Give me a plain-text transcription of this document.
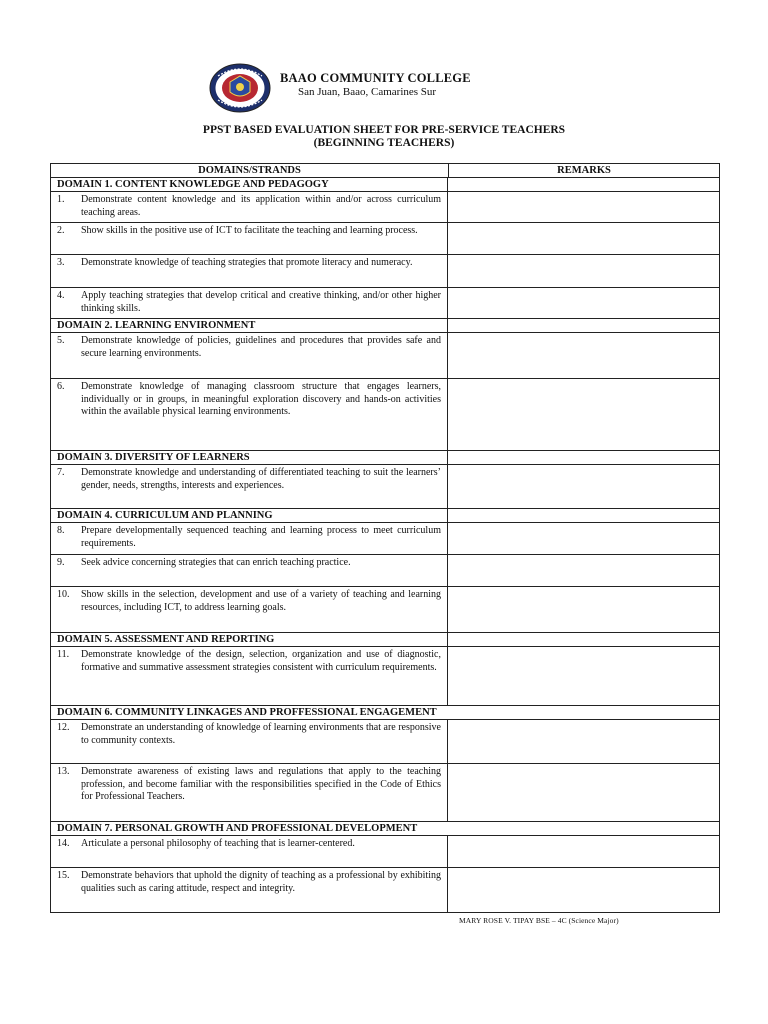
BAAO COMMUNITY COLLEGE
San Juan, Baao, Camarines Sur
PPST BASED EVALUATION SHEET FOR PRE-SERVICE TEACHERS
(BEGINNING TEACHERS)
DOMAINS/STRANDS	REMARKS
DOMAIN 1. CONTENT KNOWLEDGE AND PEDAGOGY
1.	Demonstrate content knowledge and its application within and/or across curriculum teaching areas.
2.	Show skills in the positive use of ICT to facilitate the teaching and learning process.
3.	Demonstrate knowledge of teaching strategies that promote literacy and numeracy.
4.	Apply teaching strategies that develop critical and creative thinking, and/or other higher thinking skills.
DOMAIN 2. LEARNING ENVIRONMENT
5.	Demonstrate knowledge of policies, guidelines and procedures that provides safe and secure learning environments.
6.	Demonstrate knowledge of managing classroom structure that engages learners, individually or in groups, in meaningful exploration discovery and hands-on activities within the available physical learning environments.
DOMAIN 3. DIVERSITY OF LEARNERS
7.	Demonstrate knowledge and understanding of differentiated teaching to suit the learners’ gender, needs, strengths, interests and experiences.
DOMAIN 4. CURRICULUM AND PLANNING
8.	Prepare developmentally sequenced teaching and learning process to meet curriculum requirements.
9.	Seek advice concerning strategies that can enrich teaching practice.
10.	Show skills in the selection, development and use of a variety of teaching and learning resources, including ICT, to address learning goals.
DOMAIN 5. ASSESSMENT AND REPORTING
11.	Demonstrate knowledge of the design, selection, organization and use of diagnostic, formative and summative assessment strategies consistent with curriculum requirements.
DOMAIN 6. COMMUNITY LINKAGES AND PROFFESSIONAL ENGAGEMENT
12.	Demonstrate an understanding of knowledge of learning environments that are responsive to community contexts.
13.	Demonstrate awareness of existing laws and regulations that apply to the teaching profession, and become familiar with the responsibilities specified in the Code of Ethics for Professional Teachers.
DOMAIN 7. PERSONAL GROWTH AND PROFESSIONAL DEVELOPMENT
14.	Articulate a personal philosophy of teaching that is learner-centered.
15.	Demonstrate behaviors that uphold the dignity of teaching as a professional by exhibiting qualities such as caring attitude, respect and integrity.
MARY ROSE V. TIPAY BSE – 4C (Science Major)
